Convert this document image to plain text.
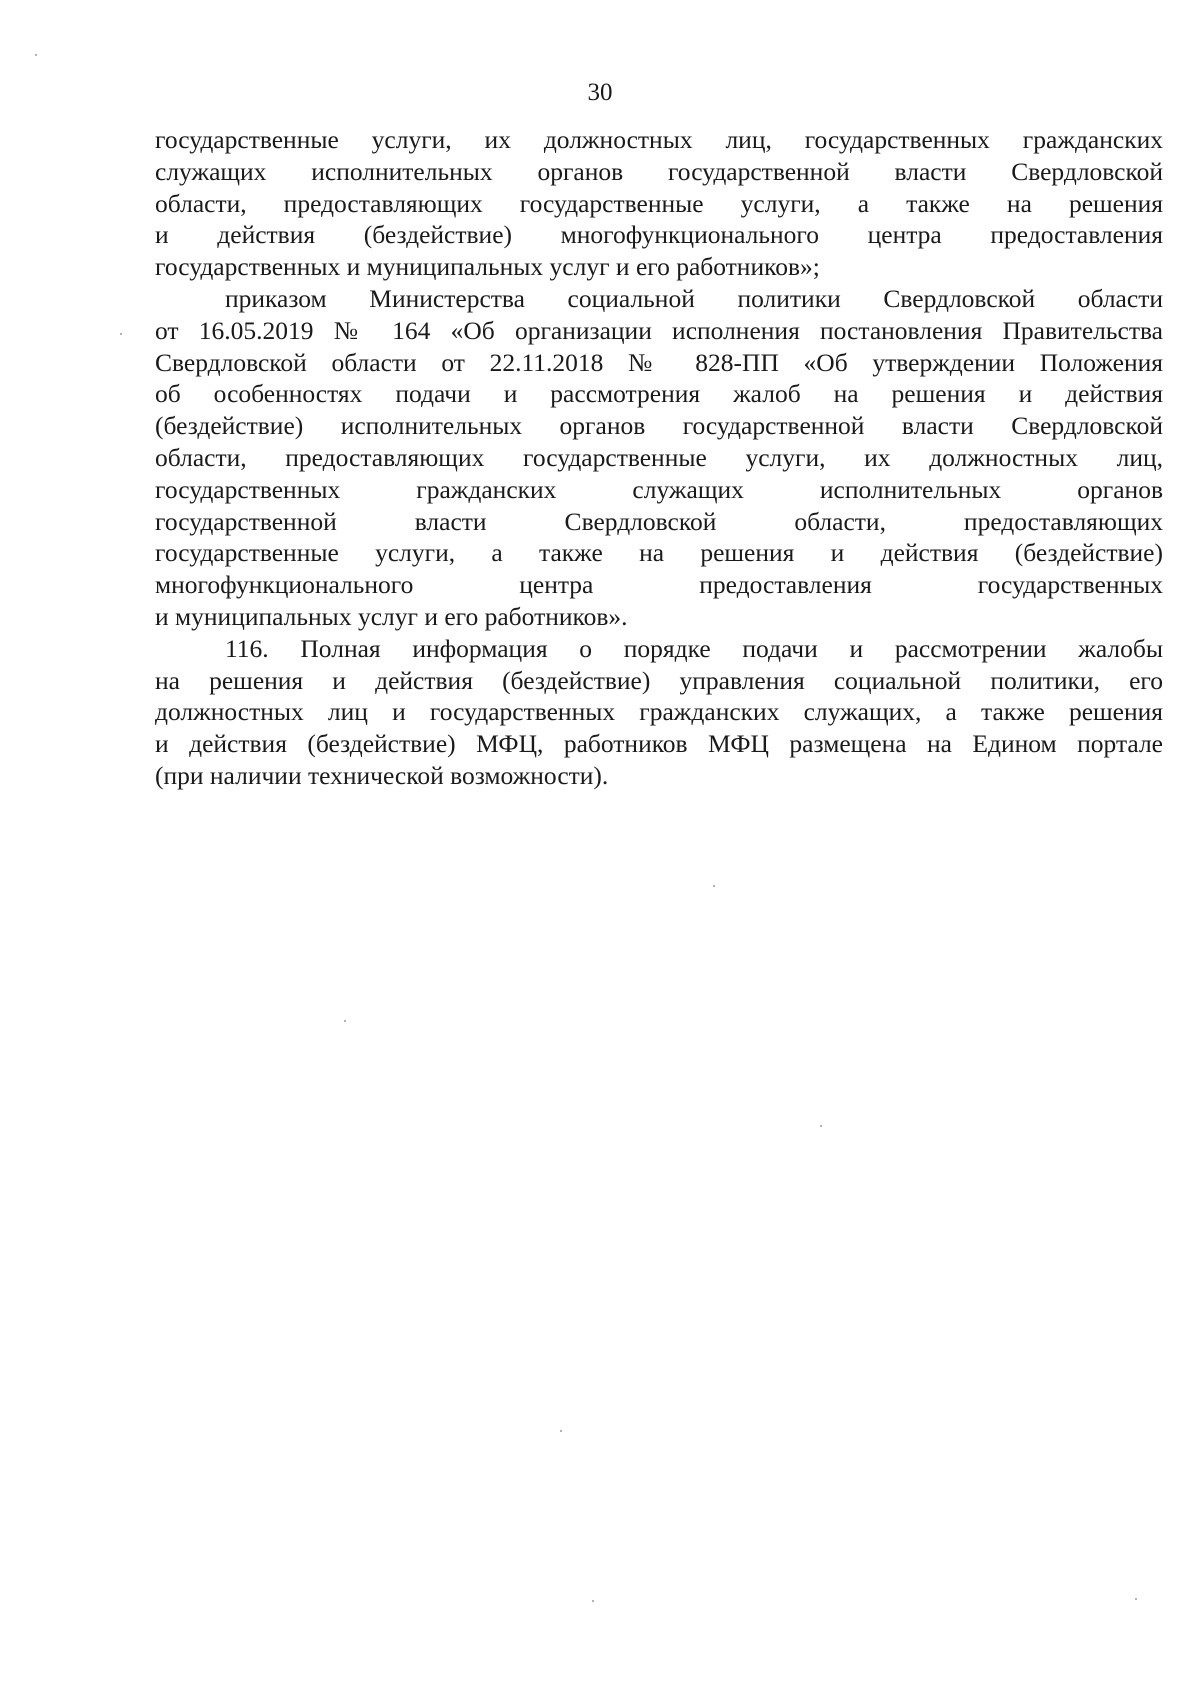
30
государственные услуги, их должностных лиц, государственных гражданских
служащих исполнительных органов государственной власти Свердловской
области, предоставляющих государственные услуги, а также на решения
и действия (бездействие) многофункционального центра предоставления
государственных и муниципальных услуг и его работников»;
приказом Министерства социальной политики Свердловской области
от 16.05.2019 № 164 «Об организации исполнения постановления Правительства
Свердловской области от 22.11.2018 № 828-ПП «Об утверждении Положения
об особенностях подачи и рассмотрения жалоб на решения и действия
(бездействие) исполнительных органов государственной власти Свердловской
области, предоставляющих государственные услуги, их должностных лиц,
государственных гражданских служащих исполнительных органов
государственной власти Свердловской области, предоставляющих
государственные услуги, а также на решения и действия (бездействие)
многофункционального центра предоставления государственных
и муниципальных услуг и его работников».
116. Полная информация о порядке подачи и рассмотрении жалобы
на решения и действия (бездействие) управления социальной политики, его
должностных лиц и государственных гражданских служащих, а также решения
и действия (бездействие) МФЦ, работников МФЦ размещена на Едином портале
(при наличии технической возможности).
